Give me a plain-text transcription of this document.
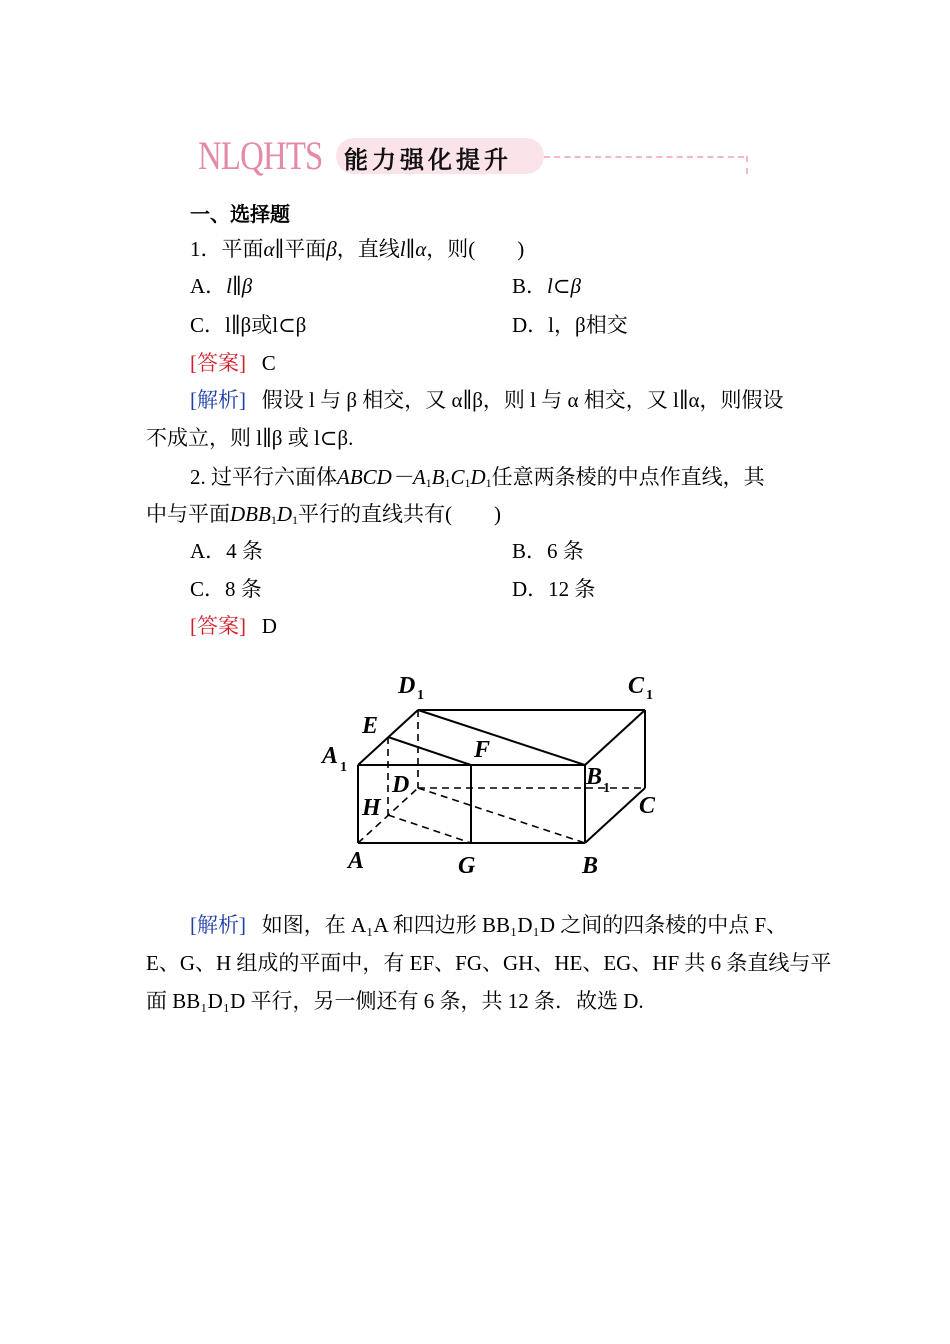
NLQHTS 能力强化提升
一、选择题
1．平面α∥平面β，直线l∥α，则(　　)
A．l∥β	B．l⊂β
C．l∥β或l⊂β	D．l，β相交
[答案] C
[解析] 假设 l 与 β 相交，又 α∥β，则 l 与 α 相交，又 l∥α，则假设
不成立，则 l∥β 或 l⊂β.
2. 过平行六面体$ABCD-A_1B_1C_1D_1$任意两条棱的中点作直线，其
中与平面$DBB_1D_1$平行的直线共有(　　)
A．4 条	B．6 条
C．8 条	D．12 条
[答案] D
D 1	C 1
E
A 1
F
D	B 1
H	C
A	G	B
[解析] 如图，在 A₁A 和四边形 BB₁D₁D 之间的四条棱的中点 F、
E、G、H 组成的平面中，有 EF、FG、GH、HE、EG、HF 共 6 条直线与平
面 BB₁D₁D 平行，另一侧还有 6 条，共 12 条．故选 D.
